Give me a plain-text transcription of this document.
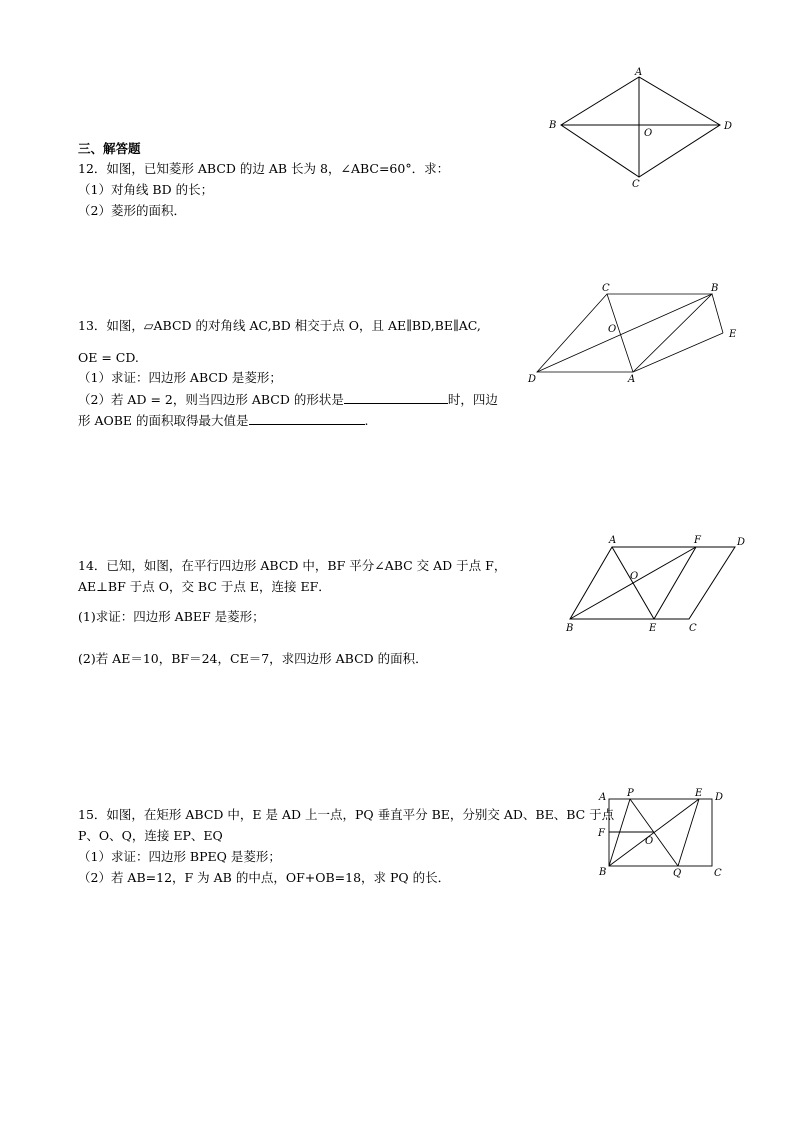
三、解答题
12．如图，已知菱形 ABCD 的边 AB 长为 8，∠ABC=60°．求：
（1）对角线 BD 的长；
（2）菱形的面积．
A
B
C
D
O
13．如图，▱ABCD 的对角线 AC,BD 相交于点 O，且 AE∥BD,BE∥AC,
OE = CD.
（1）求证：四边形 ABCD 是菱形；
（2）若 AD = 2，则当四边形 ABCD 的形状是	时，四边
形 AOBE 的面积取得最大值是	.
C	B
E
O
D	A
14．已知，如图，在平行四边形 ABCD 中，BF 平分∠ABC 交 AD 于点 F，
AE⊥BF 于点 O，交 BC 于点 E，连接 EF．
(1)求证：四边形 ABEF 是菱形；
(2)若 AE＝10，BF＝24，CE＝7，求四边形 ABCD 的面积．
A	F	D
O
B	E	C
15．如图，在矩形 ABCD 中，E 是 AD 上一点，PQ 垂直平分 BE，分别交 AD、BE、BC 于点
P、O、Q，连接 EP、EQ
（1）求证：四边形 BPEQ 是菱形；
（2）若 AB=12，F 为 AB 的中点，OF+OB=18，求 PQ 的长．
A P	E D
F
O
B	Q	C
